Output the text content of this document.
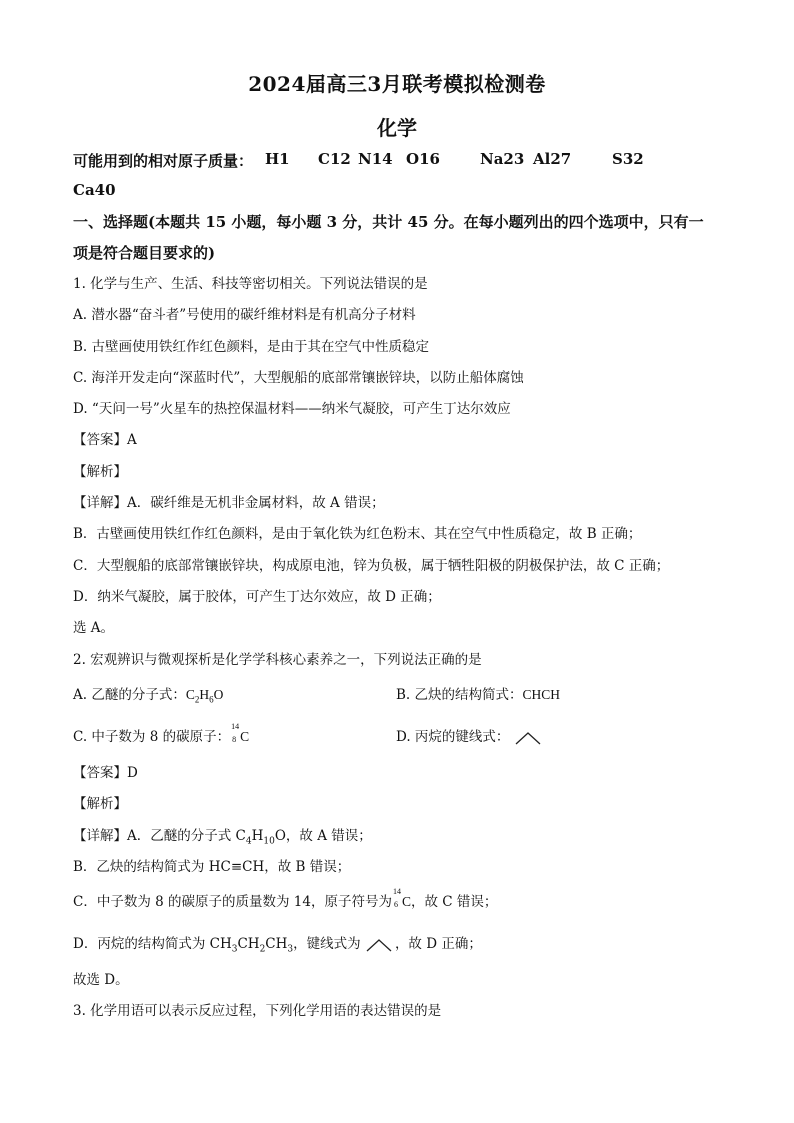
2024届高三3月联考模拟检测卷
化学
可能用到的相对原子质量： H1 C12 N14 O16	Na23 Al27	S32
Ca40
一、选择题(本题共 15 小题，每小题 3 分，共计 45 分。在每小题列出的四个选项中，只有一
项是符合题目要求的)
1. 化学与生产、生活、科技等密切相关。下列说法错误的是
A. 潜水器“奋斗者”号使用的碳纤维材料是有机高分子材料
B. 古壁画使用铁红作红色颜料，是由于其在空气中性质稳定
C. 海洋开发走向“深蓝时代”，大型舰船的底部常镶嵌锌块，以防止船体腐蚀
D. “天问一号”火星车的热控保温材料——纳米气凝胶，可产生丁达尔效应
【答案】A
【解析】
【详解】A．碳纤维是无机非金属材料，故 A 错误；
B．古壁画使用铁红作红色颜料，是由于氧化铁为红色粉末、其在空气中性质稳定，故 B 正确；
C．大型舰船的底部常镶嵌锌块，构成原电池，锌为负极，属于牺牲阳极的阴极保护法，故 C 正确；
D．纳米气凝胶，属于胶体，可产生丁达尔效应，故 D 正确；
选 A。
2. 宏观辨识与微观探析是化学学科核心素养之一，下列说法正确的是
A. 乙醚的分子式：$C_2H_6O$	B. 乙炔的结构简式：CHCH
C. 中子数为 8 的碳原子：
14
8 C	D. 丙烷的键线式：
【答案】D
【解析】
【详解】A．乙醚的分子式 $C_4H_{10}O$，故 A 错误；
B．乙炔的结构简式为 HC≡CH，故 B 错误；
C．中子数为 8 的碳原子的质量数为 14，原子符号为
14
6 C，故 C 错误；
D．丙烷的结构简式为 $CH_3CH_2CH_3$，键线式为	，故 D 正确；
故选 D。
3. 化学用语可以表示反应过程，下列化学用语的表达错误的是
